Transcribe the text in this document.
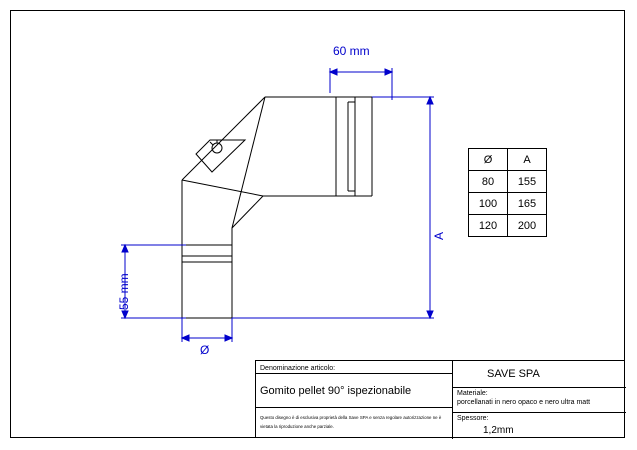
60 mm
55 mm
A
Ø
Ø	A
80	155
100	165
120	200
Denominazione articolo:
Gomito pellet 90° ispezionabile
Questo disegno è di esclusiva proprietà della Save SPA e senza regolare autorizzazione ne è vietata la riproduzione anche parziale.
SAVE SPA
Materiale:
porcellanati in nero opaco e nero ultra matt
Spessore:
1,2mm
